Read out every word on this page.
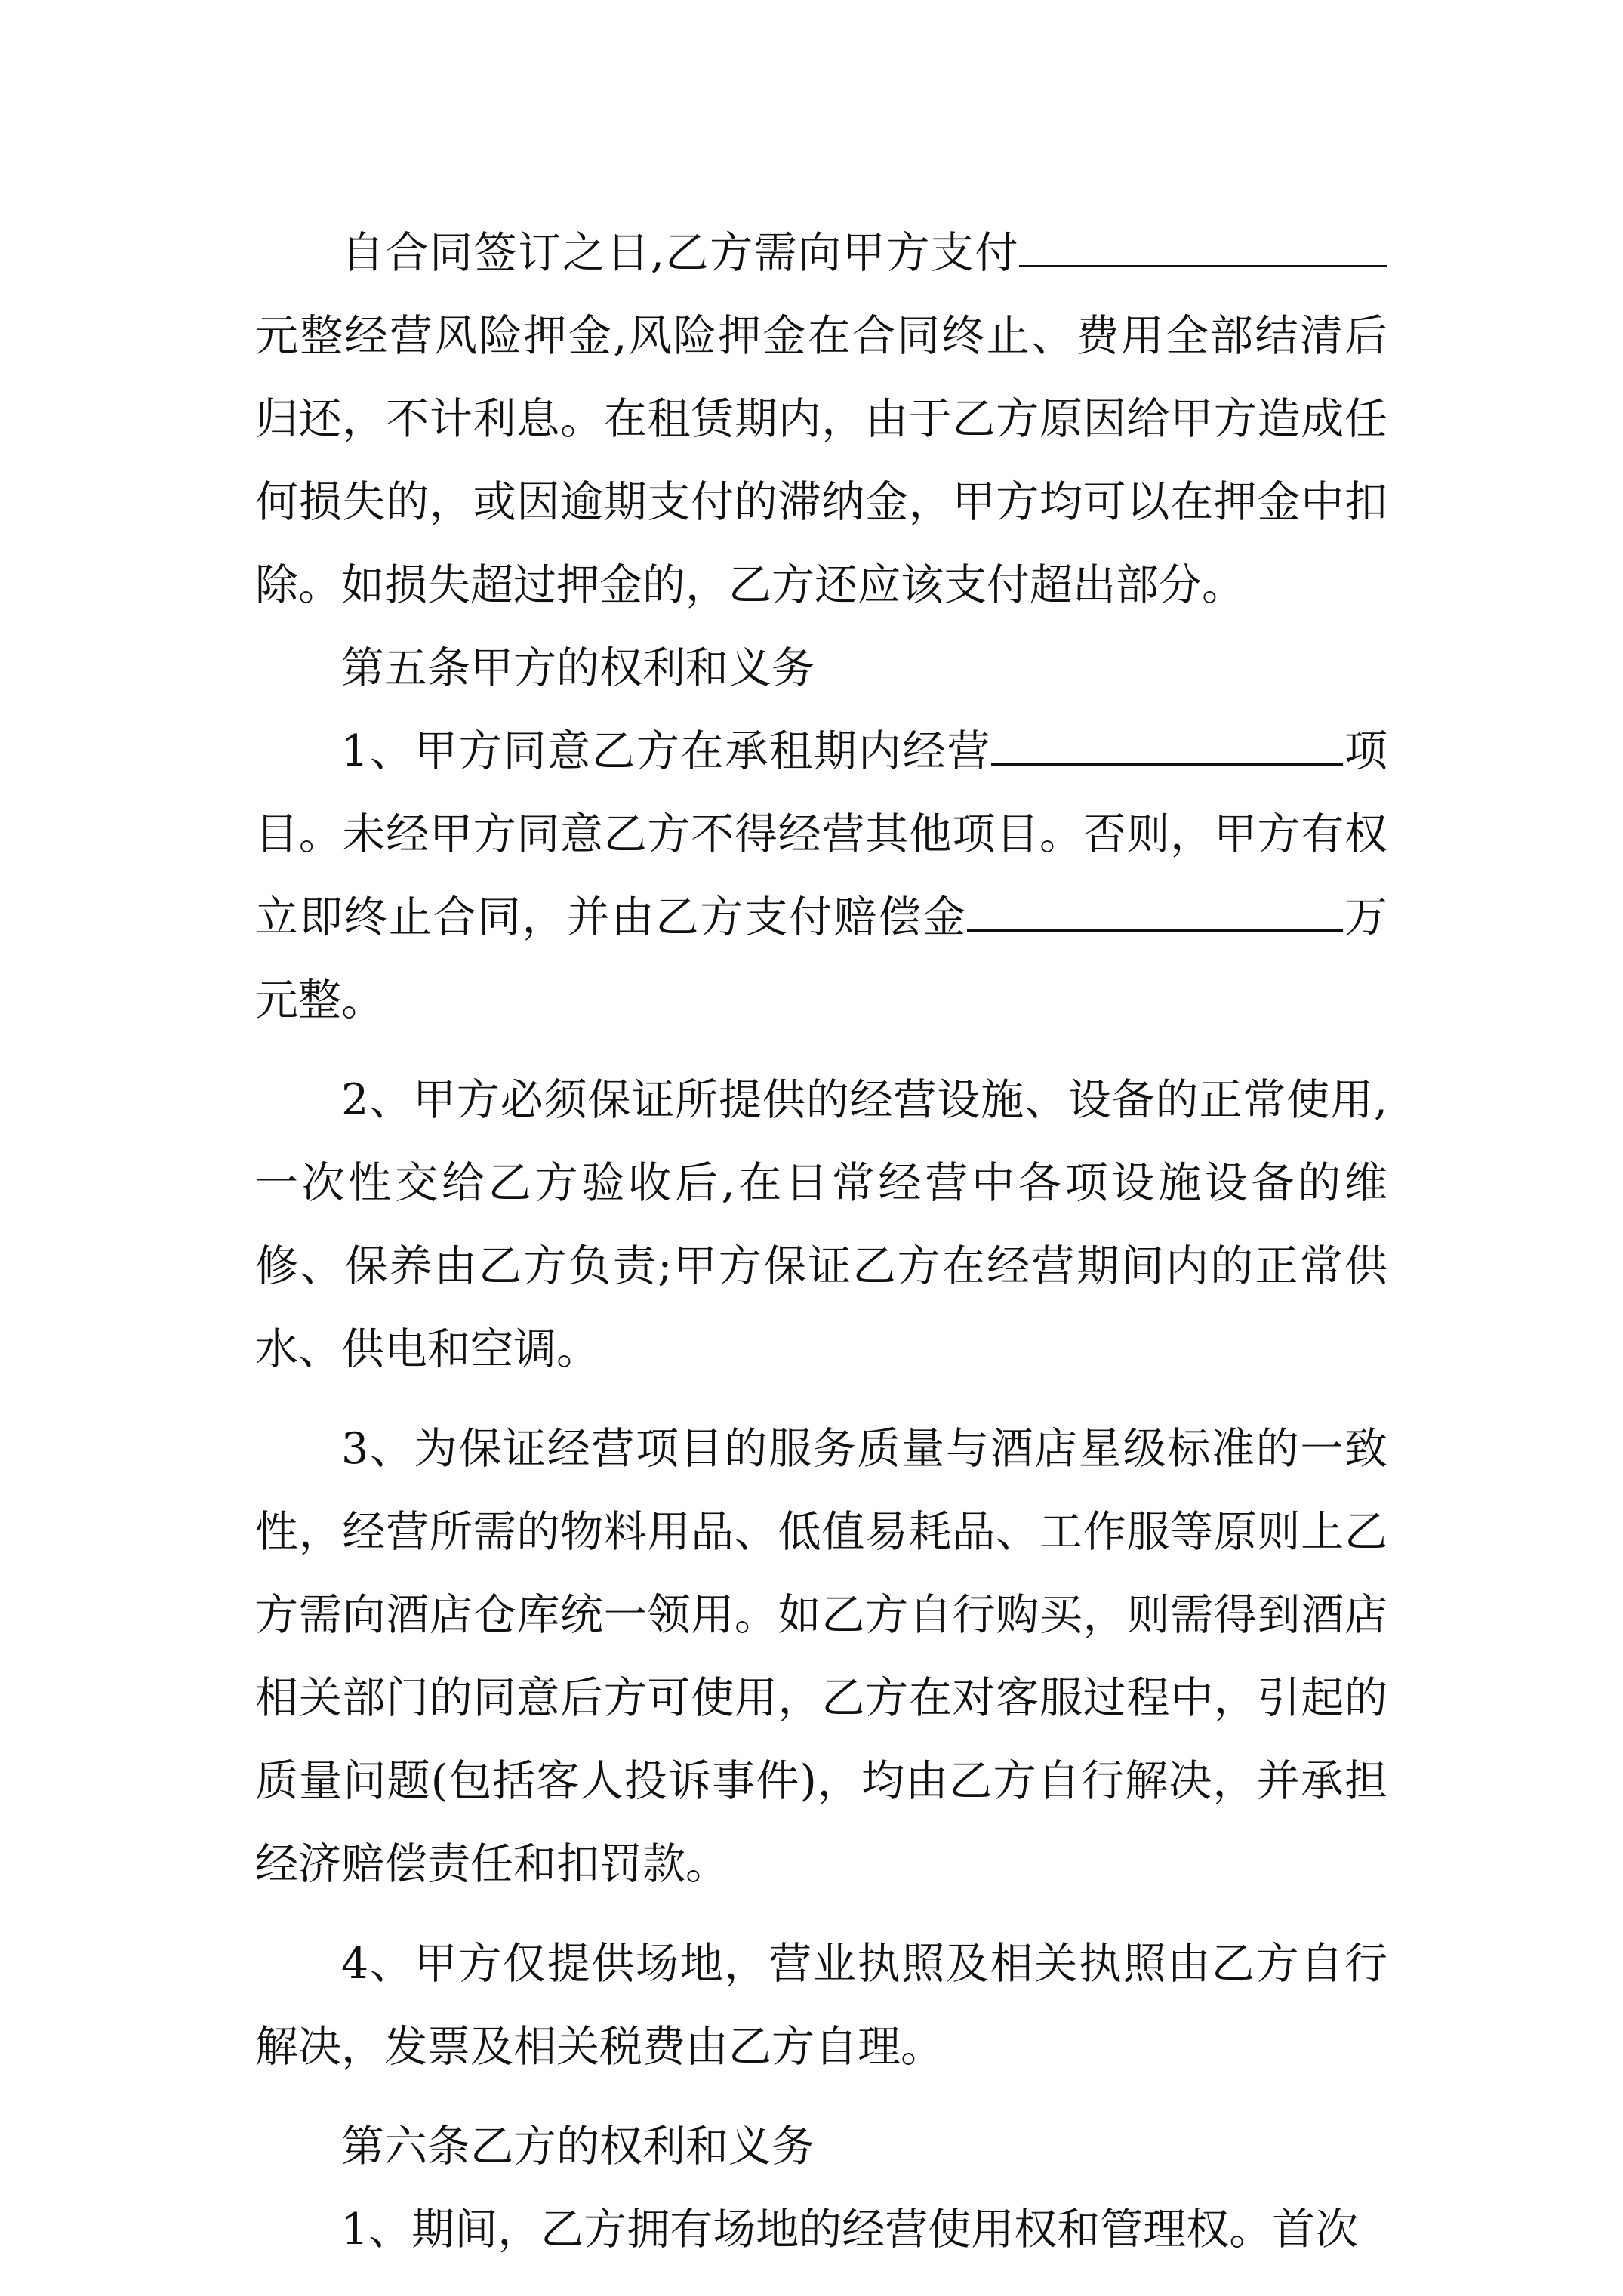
自合同签订之日,乙方需向甲方支付元整经营风险押金,风险押金在合同终止、费用全部结清后归还，不计利息。在租赁期内，由于乙方原因给甲方造成任何损失的，或因逾期支付的滞纳金，甲方均可以在押金中扣除。如损失超过押金的，乙方还应该支付超出部分。

第五条甲方的权利和义务

1、甲方同意乙方在承租期内经营	项目。未经甲方同意乙方不得经营其他项目。否则，甲方有权立即终止合同，并由乙方支付赔偿金	万元整。

2、甲方必须保证所提供的经营设施、设备的正常使用,一次性交给乙方验收后,在日常经营中各项设施设备的维修、保养由乙方负责;甲方保证乙方在经营期间内的正常供水、供电和空调。

3、为保证经营项目的服务质量与酒店星级标准的一致性，经营所需的物料用品、低值易耗品、工作服等原则上乙方需向酒店仓库统一领用。如乙方自行购买，则需得到酒店相关部门的同意后方可使用，乙方在对客服过程中，引起的质量问题(包括客人投诉事件)，均由乙方自行解决，并承担经济赔偿责任和扣罚款。

4、甲方仅提供场地，营业执照及相关执照由乙方自行解决，发票及相关税费由乙方自理。

第六条乙方的权利和义务

1、期间，乙方拥有场地的经营使用权和管理权。首次
